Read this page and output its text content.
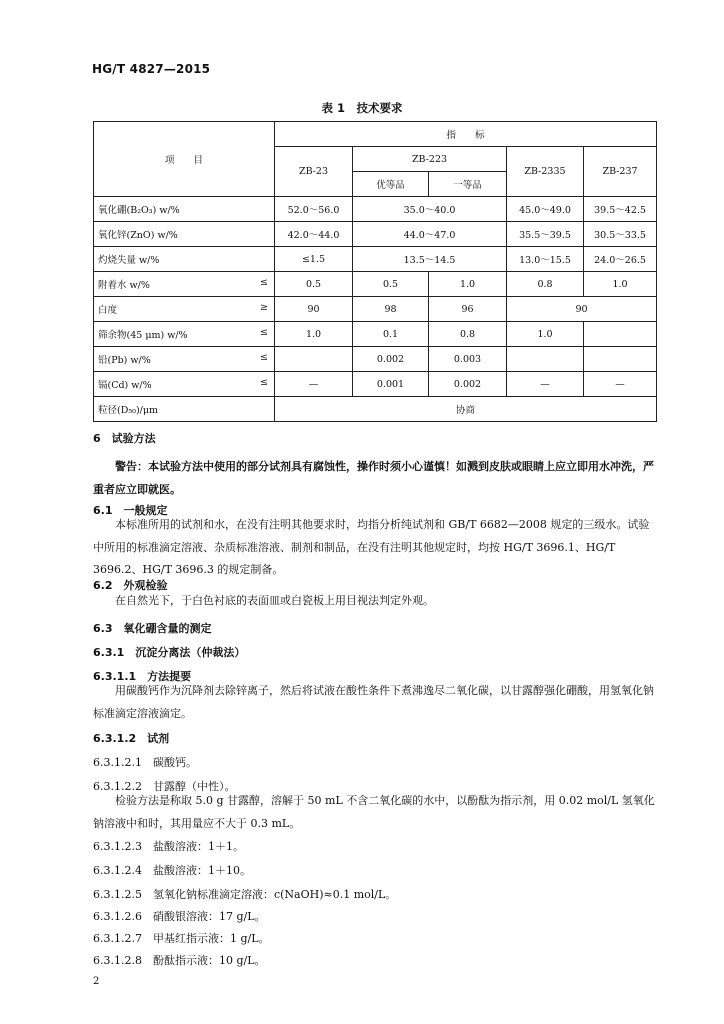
HG/T 4827—2015
表 1　技术要求
项　　目	指　　标				
	ZB-23	ZB-223		ZB-2335	ZB-237
		优等品	一等品		
氧化硼(B₂O₃) w/%	52.0～56.0	35.0～40.0		45.0～49.0	39.5～42.5
氧化锌(ZnO) w/%	42.0～44.0	44.0～47.0		35.5～39.5	30.5～33.5
灼烧失量 w/%	≤1.5	13.5～14.5		13.0～15.5	24.0～26.5
附着水 w/% ≤	0.5	0.5	1.0	0.8	1.0
白度 ≥	90	98	96	90	
筛余物(45 μm) w/% ≤	1.0	0.1	0.8	1.0	
铅(Pb) w/% ≤		0.002	0.003		
镉(Cd) w/% ≤	—	0.001	0.002	—	—
粒径(D₅₀)/μm	协商				
6　试验方法
警告：本试验方法中使用的部分试剂具有腐蚀性，操作时须小心谨慎！如溅到皮肤或眼睛上应立即用水冲洗，严重者应立即就医。
6.1　一般规定
本标准所用的试剂和水，在没有注明其他要求时，均指分析纯试剂和 GB/T 6682—2008 规定的三级水。试验中所用的标准滴定溶液、杂质标准溶液、制剂和制品，在没有注明其他规定时，均按 HG/T 3696.1、HG/T 3696.2、HG/T 3696.3 的规定制备。
6.2　外观检验
在自然光下，于白色衬底的表面皿或白瓷板上用目视法判定外观。
6.3　氧化硼含量的测定
6.3.1　沉淀分离法（仲裁法）
6.3.1.1　方法提要
用碳酸钙作为沉降剂去除锌离子，然后将试液在酸性条件下煮沸逸尽二氧化碳，以甘露醇强化硼酸，用氢氧化钠标准滴定溶液滴定。
6.3.1.2　试剂
6.3.1.2.1　碳酸钙。
6.3.1.2.2　甘露醇（中性）。
检验方法是称取 5.0 g 甘露醇，溶解于 50 mL 不含二氧化碳的水中，以酚酞为指示剂，用 0.02 mol/L 氢氧化钠溶液中和时，其用量应不大于 0.3 mL。
6.3.1.2.3　盐酸溶液：1＋1。
6.3.1.2.4　盐酸溶液：1＋10。
6.3.1.2.5　氢氧化钠标准滴定溶液：c(NaOH)≈0.1 mol/L。
6.3.1.2.6　硝酸银溶液：17 g/L。
6.3.1.2.7　甲基红指示液：1 g/L。
6.3.1.2.8　酚酞指示液：10 g/L。
2
